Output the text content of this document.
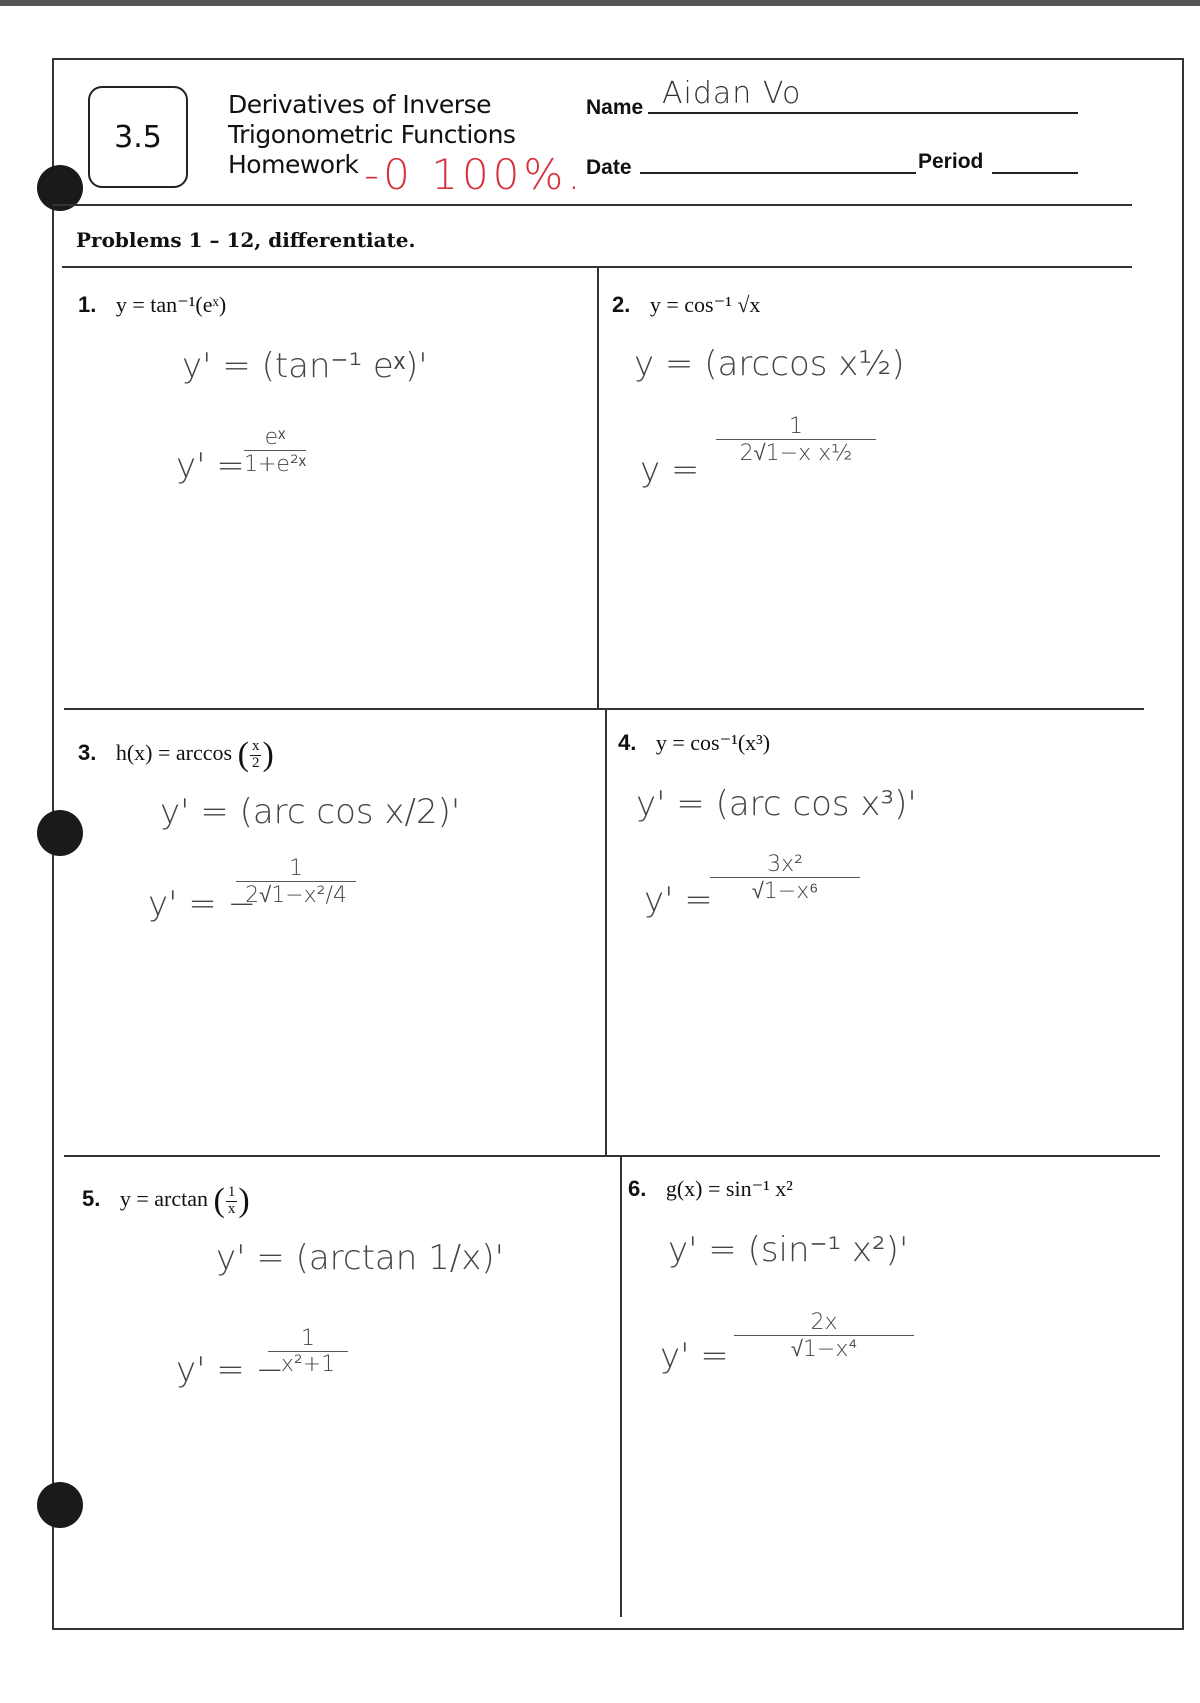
3.5
Derivatives of Inverse
Trigonometric Functions
Homework -0 100%.
Name Aidan Vo
Date	Period
Problems 1 – 12, differentiate.
1. y = tan⁻¹(eˣ)
y' = (tan⁻¹ eˣ)'
y' =
eˣ
1+e²ˣ
2. y = cos⁻¹ √x
y = (arccos x½)
y =
1
2√1−x x½
3. h(x) = arccos ( $\frac{x}{2}$ )
y' = (arc cos x/2)'
y' = −
1
2√1−x²/4
4. y = cos⁻¹(x³)
y' = (arc cos x³)'
y' =
3x²
√1−x⁶
5. y = arctan ( $\frac{1}{x}$ )
y' = (arctan 1/x)'
y' = −
1
x²+1
6. g(x) = sin⁻¹ x²
y' = (sin⁻¹ x²)'
y' =
2x
√1−x⁴
